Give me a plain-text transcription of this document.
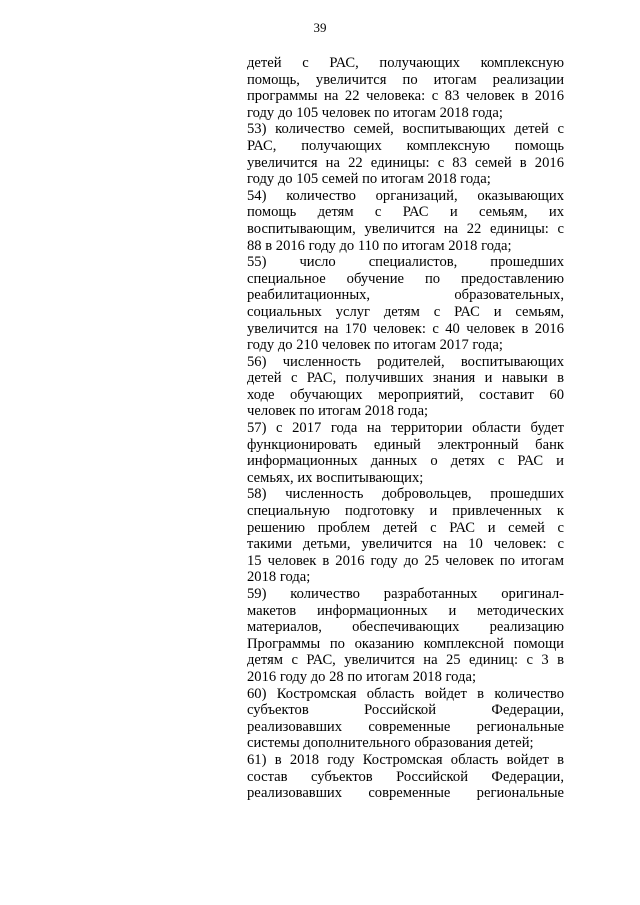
39
детей с РАС, получающих комплексную
помощь, увеличится по итогам реализации
программы на 22 человека: с 83 человек в 2016
году до 105 человек по итогам 2018 года;
53) количество семей, воспитывающих детей с
РАС, получающих комплексную помощь
увеличится на 22 единицы: с 83 семей в 2016
году до 105 семей по итогам 2018 года;
54) количество организаций, оказывающих
помощь детям с РАС и семьям, их
воспитывающим, увеличится на 22 единицы: с
88 в 2016 году до 110 по итогам 2018 года;
55) число специалистов, прошедших
специальное обучение по предоставлению
реабилитационных, образовательных,
социальных услуг детям с РАС и семьям,
увеличится на 170 человек: с 40 человек в 2016
году до 210 человек по итогам 2017 года;
56) численность родителей, воспитывающих
детей с РАС, получивших знания и навыки в
ходе обучающих мероприятий, составит 60
человек по итогам 2018 года;
57) с 2017 года на территории области будет
функционировать единый электронный банк
информационных данных о детях с РАС и
семьях, их воспитывающих;
58) численность добровольцев, прошедших
специальную подготовку и привлеченных к
решению проблем детей с РАС и семей с
такими детьми, увеличится на 10 человек: с
15 человек в 2016 году до 25 человек по итогам
2018 года;
59) количество разработанных оригинал-
макетов информационных и методических
материалов, обеспечивающих реализацию
Программы по оказанию комплексной помощи
детям с РАС, увеличится на 25 единиц: с 3 в
2016 году до 28 по итогам 2018 года;
60) Костромская область войдет в количество
субъектов Российской Федерации,
реализовавших современные региональные
системы дополнительного образования детей;
61) в 2018 году Костромская область войдет в
состав субъектов Российской Федерации,
реализовавших современные региональные
